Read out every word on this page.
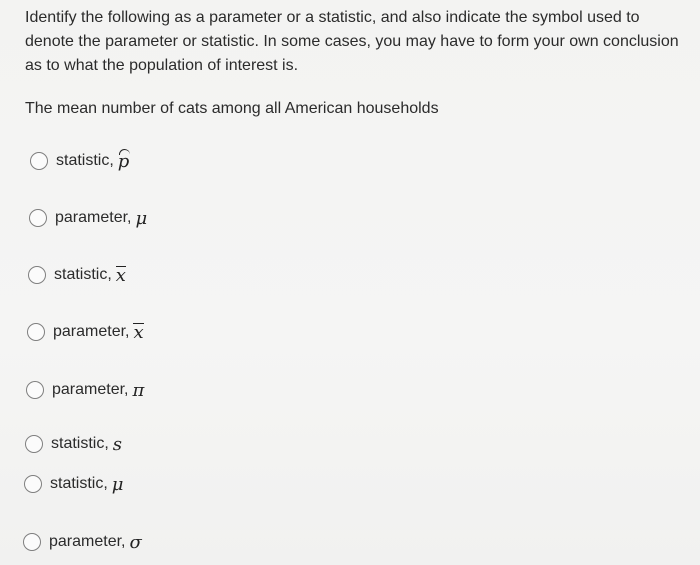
Identify the following as a parameter or a statistic, and also indicate the symbol used to denote the parameter or statistic. In some cases, you may have to form your own conclusion as to what the population of interest is.

The mean number of cats among all American households

statistic, p
parameter, μ
statistic, x
parameter, x
parameter, π
statistic, s
statistic, μ
parameter, σ
